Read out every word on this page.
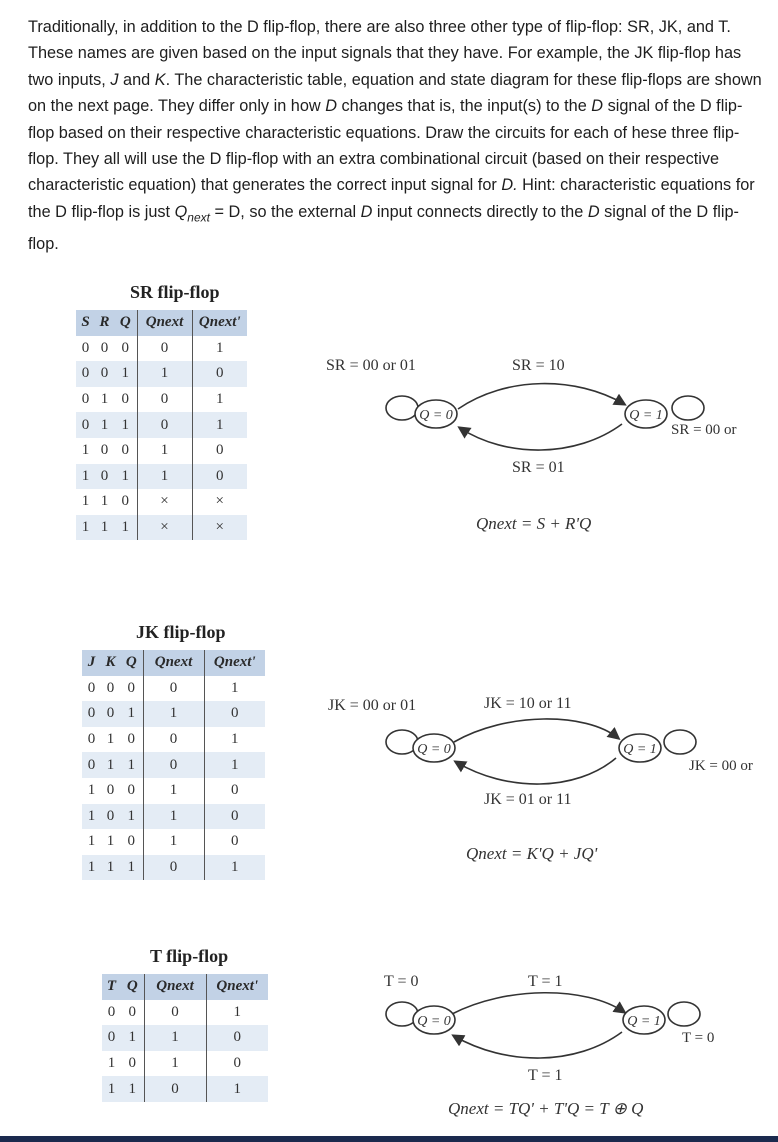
Traditionally, in addition to the D flip-flop, there are also three other type of flip-flop: SR, JK, and T. These names are given based on the input signals that they have. For example, the JK flip-flop has two inputs, J and K. The characteristic table, equation and state diagram for these flip-flops are shown on the next page. They differ only in how D changes that is, the input(s) to the D signal of the D flip-flop based on their respective characteristic equations. Draw the circuits for each of hese three flip-flop. They all will use the D flip-flop with an extra combinational circuit (based on their respective characteristic equation) that generates the correct input signal for D. Hint: characteristic equations for the D flip-flop is just $Q_{next} = D$, so the external D input connects directly to the D signal of the D flip-flop.
SR flip-flop
S	R	Q	Qnext	Qnext'
0	0	0	0	1
0	0	1	1	0
0	1	0	0	1
0	1	1	0	1
1	0	0	1	0
1	0	1	1	0
1	1	0	×	×
1	1	1	×	×
JK flip-flop
J	K	Q	Qnext	Qnext'
0	0	0	0	1
0	0	1	1	0
0	1	0	0	1
0	1	1	0	1
1	0	0	1	0
1	0	1	1	0
1	1	0	1	0
1	1	1	0	1
T flip-flop
T	Q	Qnext	Qnext'
0	0	0	1
0	1	1	0
1	0	1	0
1	1	0	1
SR = 00 or 01	SR = 10
SR = 00 or
SR = 01
Qnext = S + R'Q
Q = 0	Q = 1
JK = 00 or 01	JK = 10 or 11
JK = 00 or
JK = 01 or 11
Qnext = K'Q + JQ'
Q = 0	Q = 1
T = 0	T = 1
T = 0
T = 1
Qnext = TQ' + T'Q = T ⊕ Q
Q = 0	Q = 1
